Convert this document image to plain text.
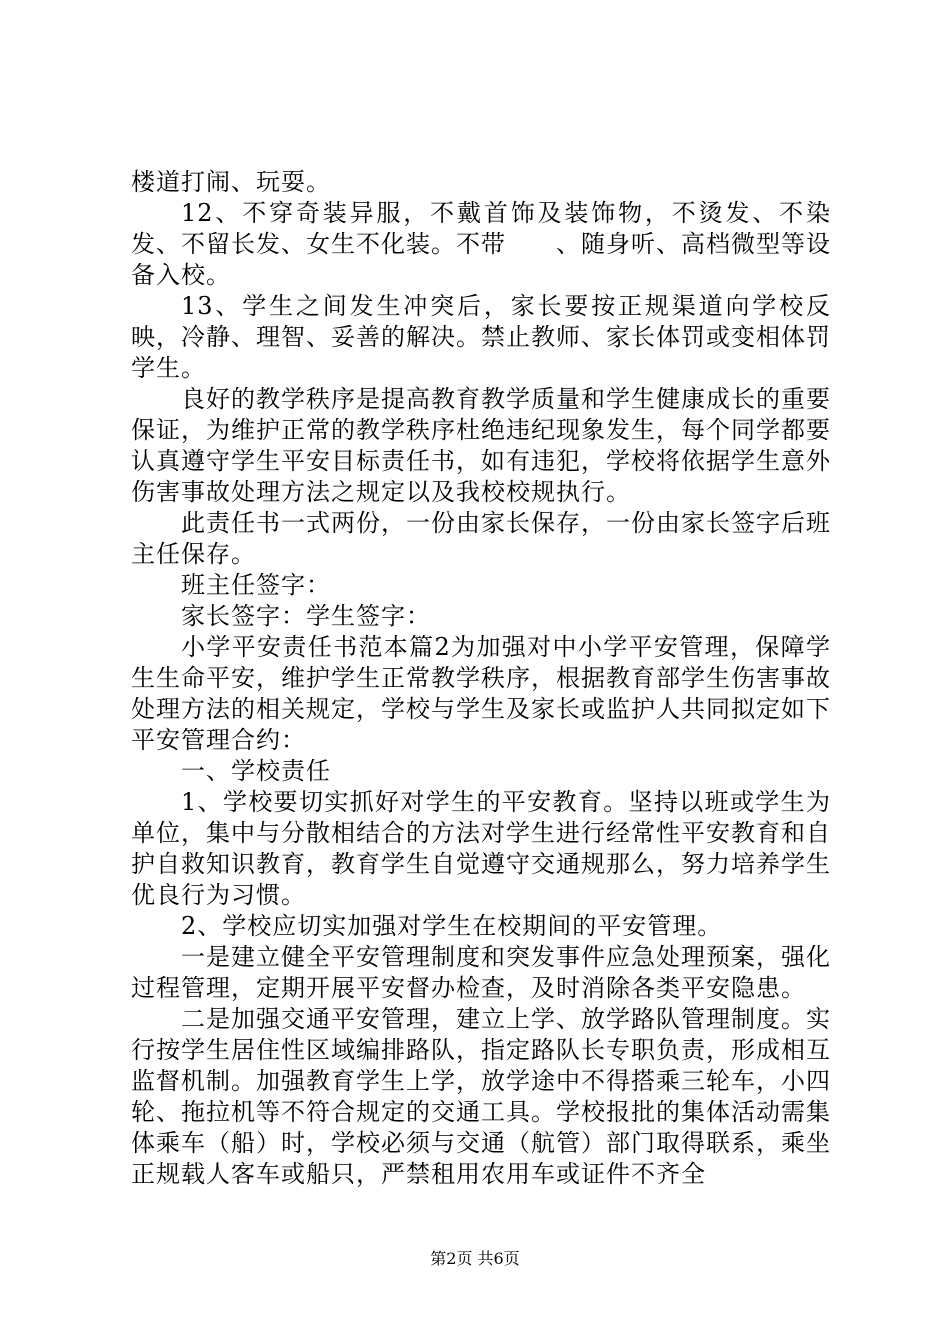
楼道打闹、玩耍。

12、不穿奇装异服，不戴首饰及装饰物，不烫发、不染发、不留长发、女生不化装。不带　　、随身听、高档微型等设备入校。

13、学生之间发生冲突后，家长要按正规渠道向学校反映，冷静、理智、妥善的解决。禁止教师、家长体罚或变相体罚学生。

良好的教学秩序是提高教育教学质量和学生健康成长的重要保证，为维护正常的教学秩序杜绝违纪现象发生，每个同学都要认真遵守学生平安目标责任书，如有违犯，学校将依据学生意外伤害事故处理方法之规定以及我校校规执行。

此责任书一式两份，一份由家长保存，一份由家长签字后班主任保存。

班主任签字：

家长签字：学生签字：

小学平安责任书范本篇2为加强对中小学平安管理，保障学生生命平安，维护学生正常教学秩序，根据教育部学生伤害事故处理方法的相关规定，学校与学生及家长或监护人共同拟定如下平安管理合约：

一、学校责任

1、学校要切实抓好对学生的平安教育。坚持以班或学生为单位，集中与分散相结合的方法对学生进行经常性平安教育和自护自救知识教育，教育学生自觉遵守交通规那么，努力培养学生优良行为习惯。

2、学校应切实加强对学生在校期间的平安管理。

一是建立健全平安管理制度和突发事件应急处理预案，强化过程管理，定期开展平安督办检查，及时消除各类平安隐患。

二是加强交通平安管理，建立上学、放学路队管理制度。实行按学生居住性区域编排路队，指定路队长专职负责，形成相互监督机制。加强教育学生上学，放学途中不得搭乘三轮车，小四轮、拖拉机等不符合规定的交通工具。学校报批的集体活动需集体乘车（船）时，学校必须与交通（航管）部门取得联系，乘坐正规载人客车或船只，严禁租用农用车或证件不齐全

第2页 共6页
